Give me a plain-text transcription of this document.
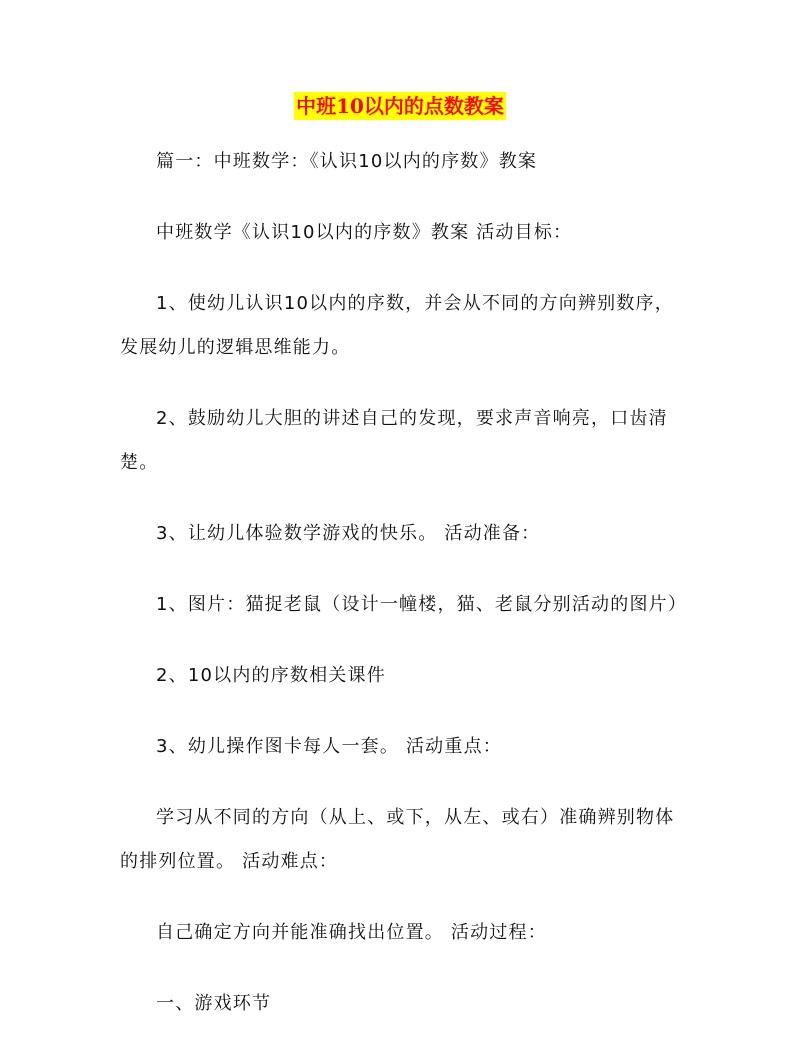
中班10以内的点数教案

篇一：中班数学：《认识10以内的序数》教案

中班数学《认识10以内的序数》教案 活动目标：

1、使幼儿认识10以内的序数，并会从不同的方向辨别数序，发展幼儿的逻辑思维能力。

2、鼓励幼儿大胆的讲述自己的发现，要求声音响亮，口齿清楚。

3、让幼儿体验数学游戏的快乐。 活动准备：

1、图片：猫捉老鼠（设计一幢楼，猫、老鼠分别活动的图片）

2、10以内的序数相关课件

3、幼儿操作图卡每人一套。 活动重点：

学习从不同的方向（从上、或下，从左、或右）准确辨别物体的排列位置。 活动难点：

自己确定方向并能准确找出位置。 活动过程：

一、游戏环节
